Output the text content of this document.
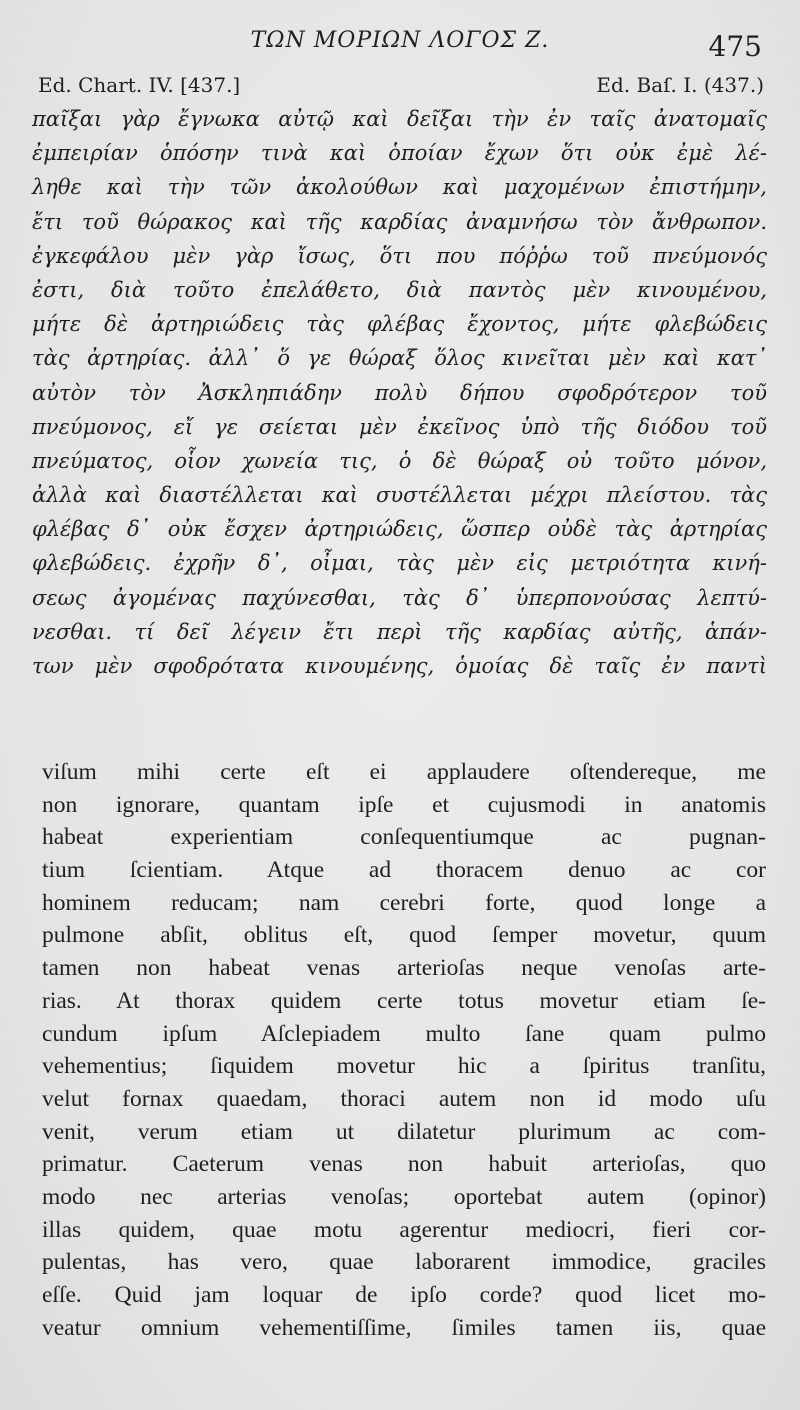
ΤΩΝ ΜΟΡΙΩΝ ΛΟΓΟΣ Ζ.	475
Ed. Chart. IV. [437.]	Ed. Baſ. I. (437.)
παῖξαι γὰρ ἔγνωκα αὐτῷ καὶ δεῖξαι τὴν ἐν ταῖς ἀνατομαῖς
ἐμπειρίαν ὁπόσην τινὰ καὶ ὁποίαν ἔχων ὅτι οὐκ ἐμὲ λέ-
ληθε καὶ τὴν τῶν ἀκολούθων καὶ μαχομένων ἐπιστήμην,
ἔτι τοῦ θώρακος καὶ τῆς καρδίας ἀναμνήσω τὸν ἄνθρωπον.
ἐγκεφάλου μὲν γὰρ ἴσως, ὅτι που πόῤῥω τοῦ πνεύμονός
ἐστι, διὰ τοῦτο ἐπελάθετο, διὰ παντὸς μὲν κινουμένου,
μήτε δὲ ἀρτηριώδεις τὰς φλέβας ἔχοντος, μήτε φλεβώδεις
τὰς ἀρτηρίας. ἀλλ᾽ ὅ γε θώραξ ὅλος κινεῖται μὲν καὶ κατ᾽
αὐτὸν τὸν Ἀσκληπιάδην πολὺ δήπου σφοδρότερον τοῦ
πνεύμονος, εἴ γε σείεται μὲν ἐκεῖνος ὑπὸ τῆς διόδου τοῦ
πνεύματος, οἷον χωνεία τις, ὁ δὲ θώραξ οὐ τοῦτο μόνον,
ἀλλὰ καὶ διαστέλλεται καὶ συστέλλεται μέχρι πλείστου. τὰς
φλέβας δ᾽ οὐκ ἔσχεν ἀρτηριώδεις, ὥσπερ οὐδὲ τὰς ἀρτηρίας
φλεβώδεις. ἐχρῆν δ᾽, οἶμαι, τὰς μὲν εἰς μετριότητα κινή-
σεως ἀγομένας παχύνεσθαι, τὰς δ᾽ ὑπερπονούσας λεπτύ-
νεσθαι. τί δεῖ λέγειν ἔτι περὶ τῆς καρδίας αὐτῆς, ἁπάν-
των μὲν σφοδρότατα κινουμένης, ὁμοίας δὲ ταῖς ἐν παντὶ
viſum mihi certe eſt ei applaudere oſtendereque, me
non ignorare, quantam ipſe et cujusmodi in anatomis
habeat experientiam conſequentiumque ac pugnan-
tium ſcientiam. Atque ad thoracem denuo ac cor
hominem reducam; nam cerebri forte, quod longe a
pulmone abſit, oblitus eſt, quod ſemper movetur, quum
tamen non habeat venas arterioſas neque venoſas arte-
rias. At thorax quidem certe totus movetur etiam ſe-
cundum ipſum Aſclepiadem multo ſane quam pulmo
vehementius; ſiquidem movetur hic a ſpiritus tranſitu,
velut fornax quaedam, thoraci autem non id modo uſu
venit, verum etiam ut dilatetur plurimum ac com-
primatur. Caeterum venas non habuit arterioſas, quo
modo nec arterias venoſas; oportebat autem (opinor)
illas quidem, quae motu agerentur mediocri, fieri cor-
pulentas, has vero, quae laborarent immodice, graciles
eſſe. Quid jam loquar de ipſo corde? quod licet mo-
veatur omnium vehementiſſime, ſimiles tamen iis, quae
